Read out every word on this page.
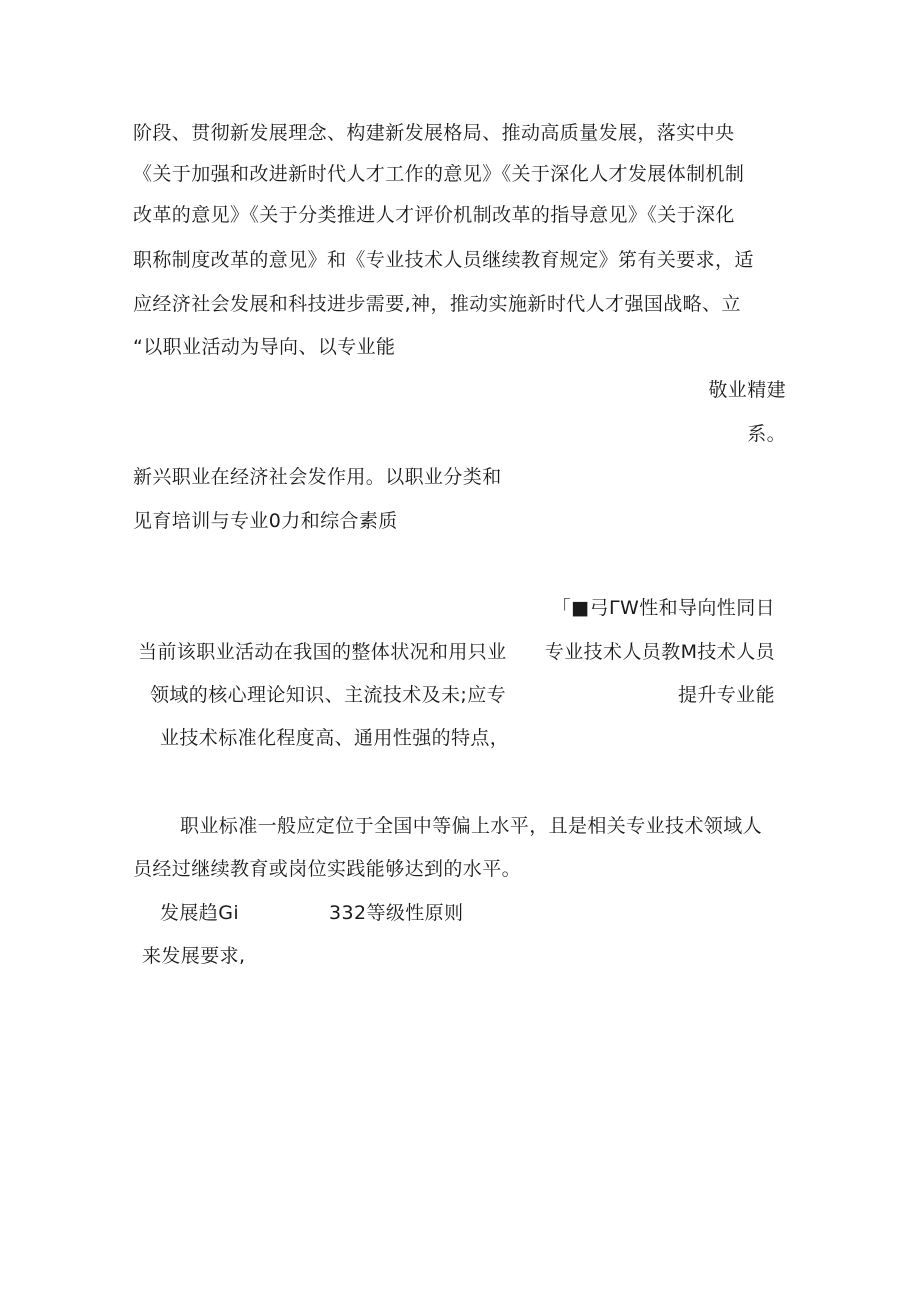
阶段、贯彻新发展理念、构建新发展格局、推动高质量发展，落实中央
《关于加强和改进新时代人才工作的意见》《关于深化人才发展体制机制
改革的意见》《关于分类推进人才评价机制改革的指导意见》《关于深化
职称制度改革的意见》和《专业技术人员继续教育规定》笫有关要求，适
应经济社会发展和科技进步需要,神，推动实施新时代人才强国战略、立
“以职业活动为导向、以专业能
敬业精建
系。
新兴职业在经济社会发作用。以职业分类和
见育培训与专业0力和综合素质
「■弓ΓW性和导向性同日
当前该职业活动在我国的整体状况和用只业	专业技术人员教M技术人员
领域的核心理论知识、主流技术及未;应专	提升专业能
业技术标准化程度高、通用性强的特点，
职业标准一般应定位于全国中等偏上水平，且是相关专业技术领域人
员经过继续教育或岗位实践能够达到的水平。
发展趋Gi	332等级性原则
来发展要求,
